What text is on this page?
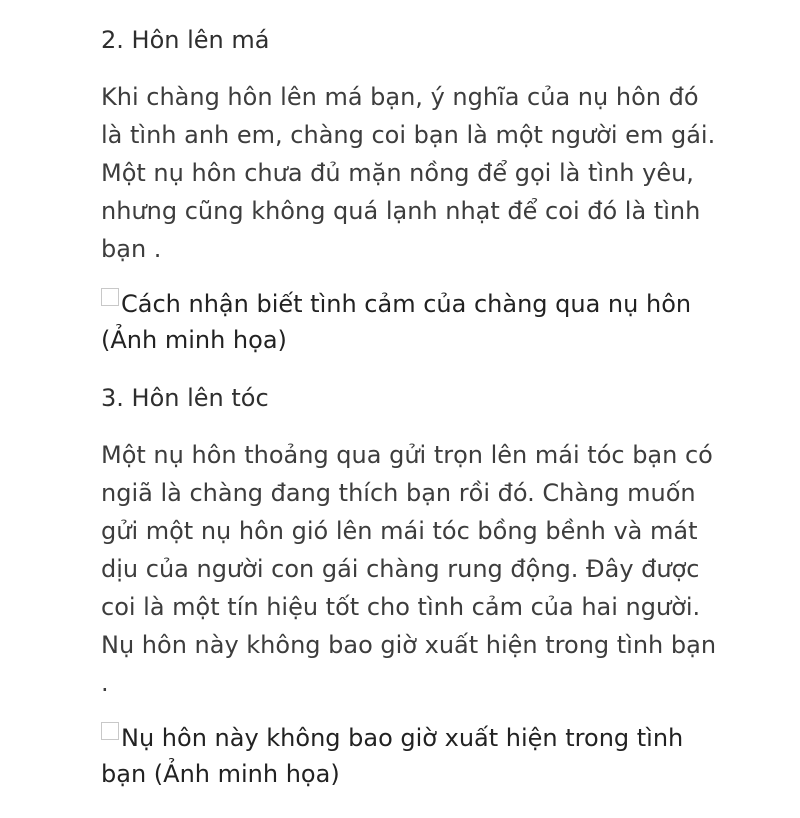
2. Hôn lên má
Khi chàng hôn lên má bạn, ý nghĩa của nụ hôn đó là tình anh em, chàng coi bạn là một người em gái. Một nụ hôn chưa đủ mặn nồng để gọi là tình yêu, nhưng cũng không quá lạnh nhạt để coi đó là tình bạn .
Cách nhận biết tình cảm của chàng qua nụ hôn (Ảnh minh họa)
3. Hôn lên tóc
Một nụ hôn thoảng qua gửi trọn lên mái tóc bạn có ngiã là chàng đang thích bạn rồi đó. Chàng muốn gửi một nụ hôn gió lên mái tóc bồng bềnh và mát dịu của người con gái chàng rung động. Đây được coi là một tín hiệu tốt cho tình cảm của hai người. Nụ hôn này không bao giờ xuất hiện trong tình bạn .
Nụ hôn này không bao giờ xuất hiện trong tình bạn (Ảnh minh họa)
